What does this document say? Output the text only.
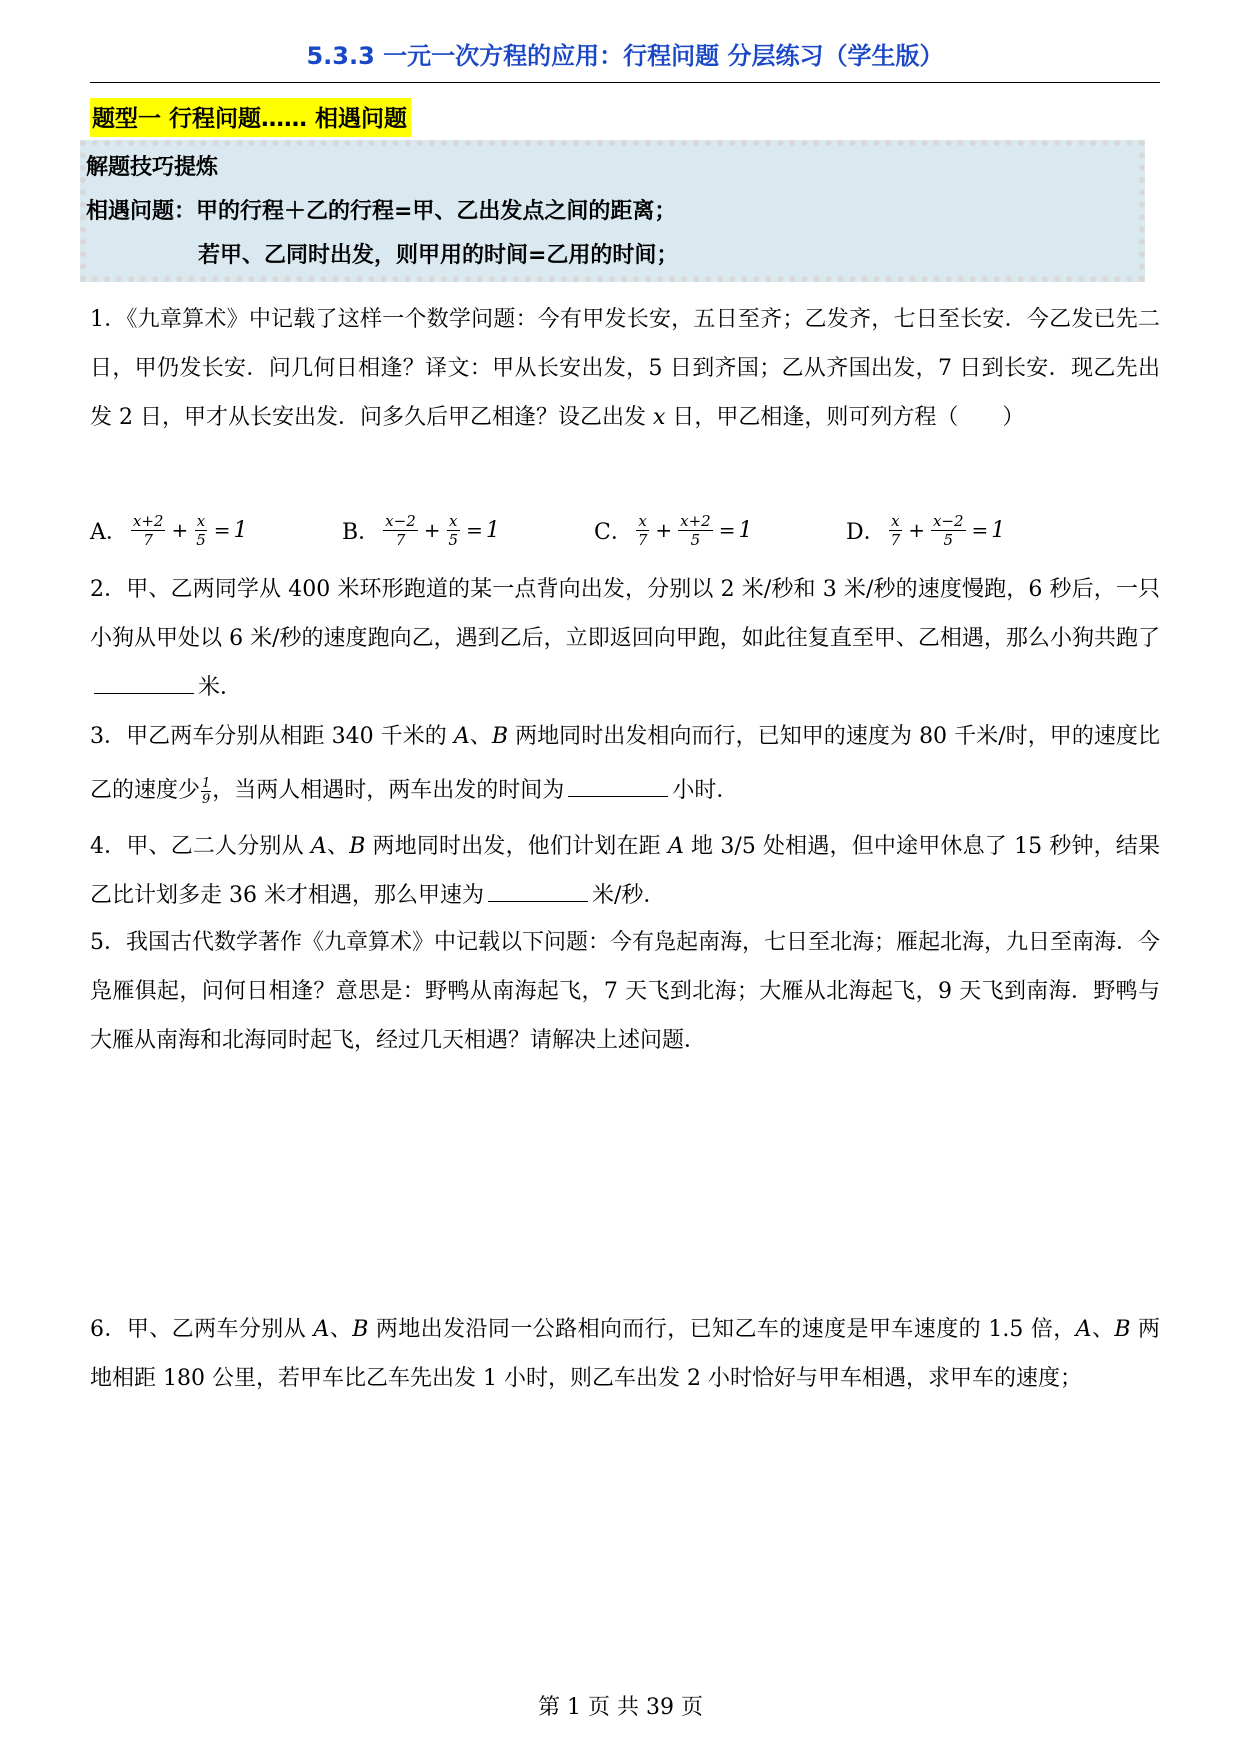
5.3.3 一元一次方程的应用：行程问题 分层练习（学生版）
题型一 行程问题…… 相遇问题
解题技巧提炼
相遇问题：甲的行程＋乙的行程=甲、乙出发点之间的距离；
若甲、乙同时出发，则甲用的时间=乙用的时间；

1．《九章算术》中记载了这样一个数学问题：今有甲发长安，五日至齐；乙发齐，七日至长安．今乙发已先二日，甲仍发长安．问几何日相逢？译文：甲从长安出发，5 日到齐国；乙从齐国出发，7 日到长安．现乙先出发 2 日，甲才从长安出发．问多久后甲乙相逢？设乙出发 x 日，甲乙相逢，则可列方程（　　）

A． $\frac{x+2}{7} + \frac{x}{5} = 1$	B． $\frac{x-2}{7} + \frac{x}{5} = 1$	C． $\frac{x}{7} + \frac{x+2}{5} = 1$	D． $\frac{x}{7} + \frac{x-2}{5} = 1$

2．甲、乙两同学从 400 米环形跑道的某一点背向出发，分别以 2 米/秒和 3 米/秒的速度慢跑，6 秒后，一只小狗从甲处以 6 米/秒的速度跑向乙，遇到乙后，立即返回向甲跑，如此往复直至甲、乙相遇，那么小狗共跑了米．

3．甲乙两车分别从相距 340 千米的 A、B 两地同时出发相向而行，已知甲的速度为 80 千米/时，甲的速度比乙的速度少 $\frac{1}{9}$ ，当两人相遇时，两车出发的时间为	小时．

4．甲、乙二人分别从 A、B 两地同时出发，他们计划在距 A 地 3/5 处相遇，但中途甲休息了 15 秒钟，结果乙比计划多走 36 米才相遇，那么甲速为	米/秒．

5．我国古代数学著作《九章算术》中记载以下问题：今有凫起南海，七日至北海；雁起北海，九日至南海．今凫雁俱起，问何日相逢？意思是：野鸭从南海起飞，7 天飞到北海；大雁从北海起飞，9 天飞到南海．野鸭与大雁从南海和北海同时起飞，经过几天相遇？请解决上述问题．

6．甲、乙两车分别从 A、B 两地出发沿同一公路相向而行，已知乙车的速度是甲车速度的 1.5 倍，A、B 两地相距 180 公里，若甲车比乙车先出发 1 小时，则乙车出发 2 小时恰好与甲车相遇，求甲车的速度；

第 1 页 共 39 页
